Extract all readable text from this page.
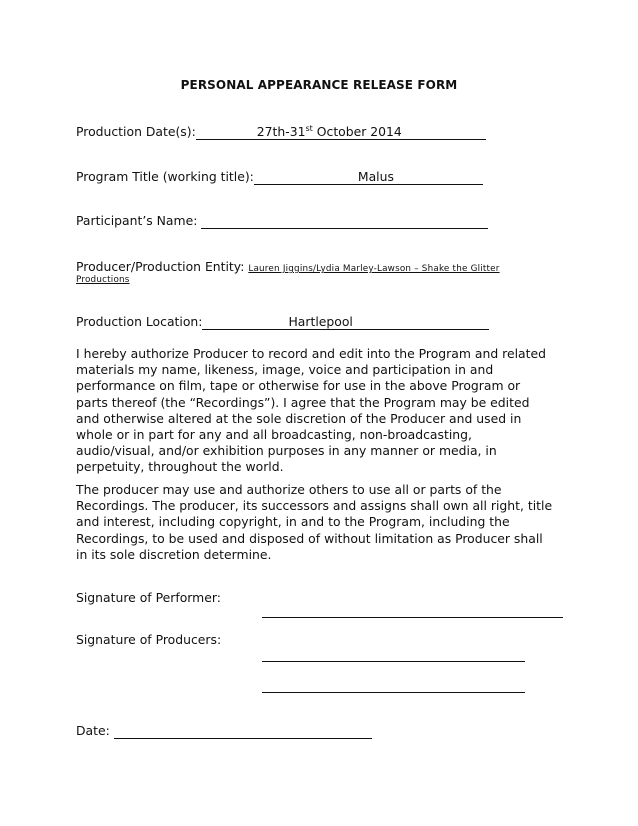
PERSONAL APPEARANCE RELEASE FORM
Production Date(s):	27th-31st October 2014
Program Title (working title):	Malus
Participant’s Name:
Producer/Production Entity: Lauren Jiggins/Lydia Marley-Lawson – Shake the Glitter
Productions
Production Location:	Hartlepool
I hereby authorize Producer to record and edit into the Program and related
materials my name, likeness, image, voice and participation in and
performance on film, tape or otherwise for use in the above Program or
parts thereof (the “Recordings”). I agree that the Program may be edited
and otherwise altered at the sole discretion of the Producer and used in
whole or in part for any and all broadcasting, non-broadcasting,
audio/visual, and/or exhibition purposes in any manner or media, in
perpetuity, throughout the world.
The producer may use and authorize others to use all or parts of the
Recordings. The producer, its successors and assigns shall own all right, title
and interest, including copyright, in and to the Program, including the
Recordings, to be used and disposed of without limitation as Producer shall
in its sole discretion determine.
Signature of Performer:
Signature of Producers:
Date:
